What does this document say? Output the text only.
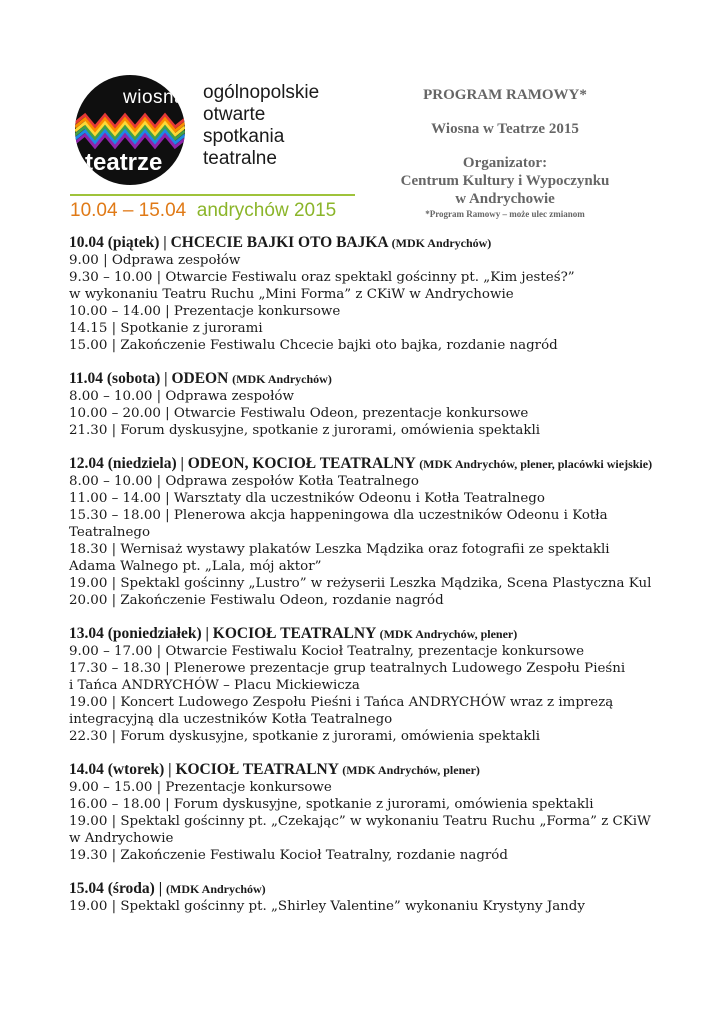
wiosna
teatrze
ogólnopolskie
otwarte
spotkania
teatralne
10.04 – 15.04 andrychów 2015
PROGRAM RAMOWY*
Wiosna w Teatrze 2015
Organizator:
Centrum Kultury i Wypoczynku
w Andrychowie
*Program Ramowy – może ulec zmianom
10.04 (piątek) | CHCECIE BAJKI OTO BAJKA (MDK Andrychów)
9.00 | Odprawa zespołów
9.30 – 10.00 | Otwarcie Festiwalu oraz spektakl gościnny pt. „Kim jesteś?”
w wykonaniu Teatru Ruchu „Mini Forma” z CKiW w Andrychowie
10.00 – 14.00 | Prezentacje konkursowe
14.15 | Spotkanie z jurorami
15.00 | Zakończenie Festiwalu Chcecie bajki oto bajka, rozdanie nagród
11.04 (sobota) | ODEON (MDK Andrychów)
8.00 – 10.00 | Odprawa zespołów
10.00 – 20.00 | Otwarcie Festiwalu Odeon, prezentacje konkursowe
21.30 | Forum dyskusyjne, spotkanie z jurorami, omówienia spektakli
12.04 (niedziela) | ODEON, KOCIOŁ TEATRALNY (MDK Andrychów, plener, placówki wiejskie)
8.00 – 10.00 | Odprawa zespołów Kotła Teatralnego
11.00 – 14.00 | Warsztaty dla uczestników Odeonu i Kotła Teatralnego
15.30 – 18.00 | Plenerowa akcja happeningowa dla uczestników Odeonu i Kotła Teatralnego
18.30 | Wernisaż wystawy plakatów Leszka Mądzika oraz fotografii ze spektakli Adama Walnego pt. „Lala, mój aktor”
19.00 | Spektakl gościnny „Lustro” w reżyserii Leszka Mądzika, Scena Plastyczna Kul
20.00 | Zakończenie Festiwalu Odeon, rozdanie nagród
13.04 (poniedziałek) | KOCIOŁ TEATRALNY (MDK Andrychów, plener)
9.00 – 17.00 | Otwarcie Festiwalu Kocioł Teatralny, prezentacje konkursowe
17.30 – 18.30 | Plenerowe prezentacje grup teatralnych Ludowego Zespołu Pieśni
i Tańca ANDRYCHÓW – Placu Mickiewicza
19.00 | Koncert Ludowego Zespołu Pieśni i Tańca ANDRYCHÓW wraz z imprezą integracyjną dla uczestników Kotła Teatralnego
22.30 | Forum dyskusyjne, spotkanie z jurorami, omówienia spektakli
14.04 (wtorek) | KOCIOŁ TEATRALNY (MDK Andrychów, plener)
9.00 – 15.00 | Prezentacje konkursowe
16.00 – 18.00 | Forum dyskusyjne, spotkanie z jurorami, omówienia spektakli
19.00 | Spektakl gościnny pt. „Czekając” w wykonaniu Teatru Ruchu „Forma” z CKiW w Andrychowie
19.30 | Zakończenie Festiwalu Kocioł Teatralny, rozdanie nagród
15.04 (środa) | (MDK Andrychów)
19.00 | Spektakl gościnny pt. „Shirley Valentine” wykonaniu Krystyny Jandy
